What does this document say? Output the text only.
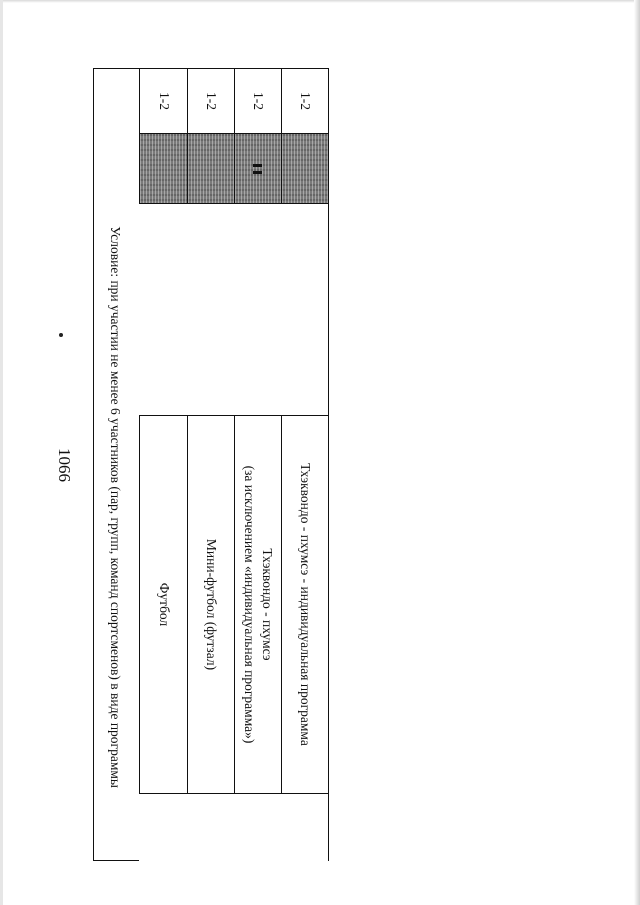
1066
1-2
Тхэквондо - пхумсэ - индивидуальная программа
1-2
Тхэквондо - пхумсэ
(за исключением «индивидуальная программа»)
1-2
Мини-футбол (футзал)
1-2
Футбол
Условие: при участии не менее 6 участников (пар, групп, команд спортсменов) в виде программы
